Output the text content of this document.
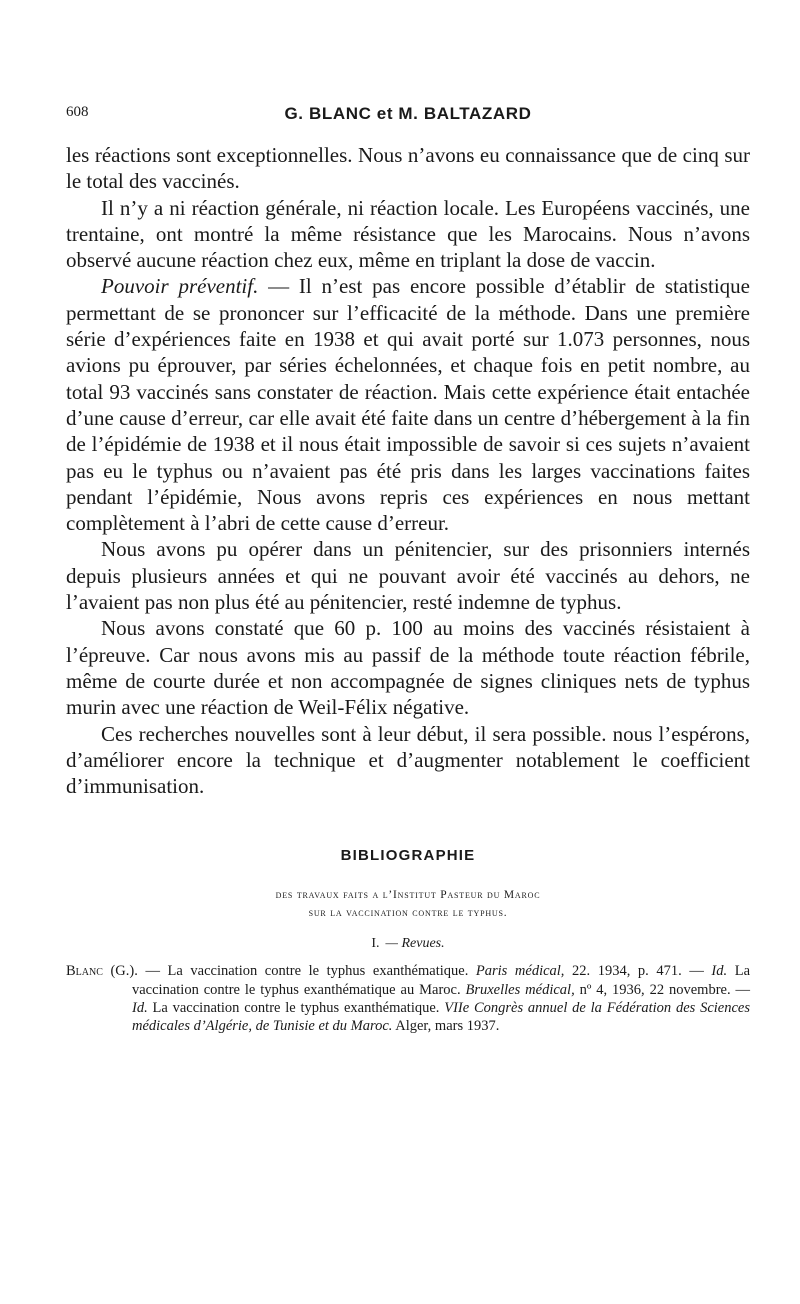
608	G. BLANC et M. BALTAZARD

les réactions sont exceptionnelles. Nous n’avons eu connaissance que de cinq sur le total des vaccinés.

Il n’y a ni réaction générale, ni réaction locale. Les Européens vaccinés, une trentaine, ont montré la même résistance que les Marocains. Nous n’avons observé aucune réaction chez eux, même en triplant la dose de vaccin.

Pouvoir préventif. — Il n’est pas encore possible d’établir de statistique permettant de se prononcer sur l’efficacité de la méthode. Dans une première série d’expériences faite en 1938 et qui avait porté sur 1.073 personnes, nous avions pu éprouver, par séries échelonnées, et chaque fois en petit nombre, au total 93 vaccinés sans constater de réaction. Mais cette expérience était entachée d’une cause d’erreur, car elle avait été faite dans un centre d’hébergement à la fin de l’épidémie de 1938 et il nous était impossible de savoir si ces sujets n’avaient pas eu le typhus ou n’avaient pas été pris dans les larges vaccinations faites pendant l’épidémie, Nous avons repris ces expériences en nous mettant complètement à l’abri de cette cause d’erreur.

Nous avons pu opérer dans un pénitencier, sur des prisonniers internés depuis plusieurs années et qui ne pouvant avoir été vaccinés au dehors, ne l’avaient pas non plus été au pénitencier, resté indemne de typhus.

Nous avons constaté que 60 p. 100 au moins des vaccinés résistaient à l’épreuve. Car nous avons mis au passif de la méthode toute réaction fébrile, même de courte durée et non accompagnée de signes cliniques nets de typhus murin avec une réaction de Weil-Félix négative.

Ces recherches nouvelles sont à leur début, il sera possible. nous l’espérons, d’améliorer encore la technique et d’augmenter notablement le coefficient d’immunisation.

BIBLIOGRAPHIE
des travaux faits a l’Institut Pasteur du Maroc
sur la vaccination contre le typhus.
I. — Revues.
Blanc (G.). — La vaccination contre le typhus exanthématique. Paris médical, 22. 1934, p. 471. — Id. La vaccination contre le typhus exanthématique au Maroc. Bruxelles médical, nº 4, 1936, 22 novembre. — Id. La vaccination contre le typhus exanthématique. VIIe Congrès annuel de la Fédération des Sciences médicales d’Algérie, de Tunisie et du Maroc. Alger, mars 1937.
